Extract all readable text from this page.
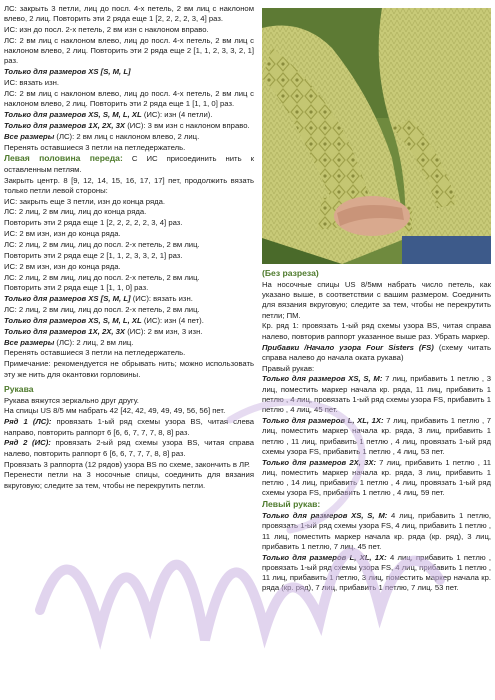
ЛС: закрыть 3 петли, лиц до посл. 4-х петель, 2 вм лиц с наклоном влево, 2 лиц. Повторить эти 2 ряда еще 1 [2, 2, 2, 2, 3, 4] раз.

ИС: изн до посл. 2-х петель, 2 вм изн с наклоном вправо.

ЛС: 2 вм лиц с наклоном влево, лиц до посл. 4-х петель, 2 вм лиц с наклоном влево, 2 лиц. Повторить эти 2 ряда еще 2 [1, 1, 2, 3, 3, 2, 1] раз.

Только для размеров XS [S, M, L]

ИС: вязать изн.

ЛС: 2 вм лиц с наклоном влево, лиц до посл. 4-х петель, 2 вм лиц с наклоном влево, 2 лиц. Повторить эти 2 ряда еще 1 [1, 1, 0] раз.

Только для размеров XS, S, M, L, XL (ИС): изн (4 петли).

Только для размеров 1X, 2X, 3X (ИС): 3 вм изн с наклоном вправо.

Все размеры (ЛС): 2 вм лиц с наклоном влево, 2 лиц.

Перенять оставшиеся 3 петли на петледержатель.

Левая половина переда: С ИС присоединить нить к оставленным петлям.

Закрыть центр. 8 [9, 12, 14, 15, 16, 17, 17] пет, продолжить вязать только петли левой стороны:

ИС: закрыть еще 3 петли, изн до конца ряда.

ЛС: 2 лиц, 2 вм лиц, лиц до конца ряда.

Повторить эти 2 ряда еще 1 [2, 2, 2, 2, 2, 3, 4] раз.

ИС: 2 вм изн, изн до конца ряда.

ЛС: 2 лиц, 2 вм лиц, лиц до посл. 2-х петель, 2 вм лиц.

Повторить эти 2 ряда еще 2 [1, 1, 2, 3, 3, 2, 1] раз.

ИС: 2 вм изн, изн до конца ряда.

ЛС: 2 лиц, 2 вм лиц, лиц до посл. 2-х петель, 2 вм лиц.

Повторить эти 2 ряда еще 1 [1, 1, 0] раз.

Только для размеров XS [S, M, L] (ИС): вязать изн.

ЛС: 2 лиц, 2 вм лиц, лиц до посл. 2-х петель, 2 вм лиц.

Только для размеров XS, S, M, L, XL (ИС): изн (4 пет).

Только для размеров 1X, 2X, 3X (ИС): 2 вм изн, 3 изн.

Все размеры (ЛС): 2 лиц, 2 вм лиц.

Перенять оставшиеся 3 петли на петледержатель.

Примечание: рекомендуется не обрывать нить; можно использовать эту же нить для окантовки горловины.

Рукава

Рукава вяжутся зеркально друг другу.

На спицы US 8/5 мм набрать 42 [42, 42, 49, 49, 49, 56, 56] пет.

Ряд 1 (ЛС): провязать 1-ый ряд схемы узора BS, читая слева направо, повторить раппорт 6 [6, 6, 7, 7, 7, 8, 8] раз.

Ряд 2 (ИС): провязать 2-ый ряд схемы узора BS, читая справа налево, повторить раппорт 6 [6, 6, 7, 7, 7, 8, 8] раз.

Провязать 3 раппорта (12 рядов) узора BS по схеме, закончить в ЛР.

Перенести петли на 3 носочные спицы, соединить для вязания вкруговую; следите за тем, чтобы не перекрутить петли.

(Без разреза)

На носочные спицы US 8/5мм набрать число петель, как указано выше, в соответствии с вашим размером. Соединить для вязания вкруговую; следите за тем, чтобы не перекрутить петли; ПМ.

Кр. ряд 1: провязать 1-ый ряд схемы узора BS, читая справа налево, повторив раппорт указанное выше раз. Убрать маркер.

Прибавки /Начало узора Four Sisters (FS) (схему читать справа налево до начала оката рукава)

Правый рукав:

Только для размеров XS, S, M: 7 лиц, прибавить 1 петлю , 3 лиц, поместить маркер начала кр. ряда, 11 лиц, прибавить 1 петлю , 4 лиц, провязать 1-ый ряд схемы узора FS, прибавить 1 петлю , 4 лиц, 45 пет.

Только для размеров L, XL, 1X: 7 лиц, прибавить 1 петлю , 7 лиц, поместить маркер начала кр. ряда, 3 лиц, прибавить 1 петлю , 11 лиц, прибавить 1 петлю , 4 лиц, провязать 1-ый ряд схемы узора FS, прибавить 1 петлю , 4 лиц, 53 пет.

Только для размеров 2X, 3X: 7 лиц, прибавить 1 петлю , 11 лиц, поместить маркер начала кр. ряда, 3 лиц, прибавить 1 петлю , 14 лиц, прибавить 1 петлю , 4 лиц, провязать 1-ый ряд схемы узора FS, прибавить 1 петлю , 4 лиц, 59 пет.

Левый рукав:

Только для размеров XS, S, M: 4 лиц, прибавить 1 петлю, провязать 1-ый ряд схемы узора FS, 4 лиц, прибавить 1 петлю , 11 лиц, поместить маркер начала кр. ряда (кр. ряд), 3 лиц, прибавить 1 петлю, 7 лиц. 45 пет.

Только для размеров L, XL, 1X: 4 лиц, прибавить 1 петлю , провязать 1-ый ряд схемы узора FS, 4 лиц, прибавить 1 петлю , 11 лиц, прибавить 1 петлю, 3 лиц, поместить маркер начала кр. ряда (кр. ряд), 7 лиц, прибавить 1 петлю, 7 лиц. 53 пет.
